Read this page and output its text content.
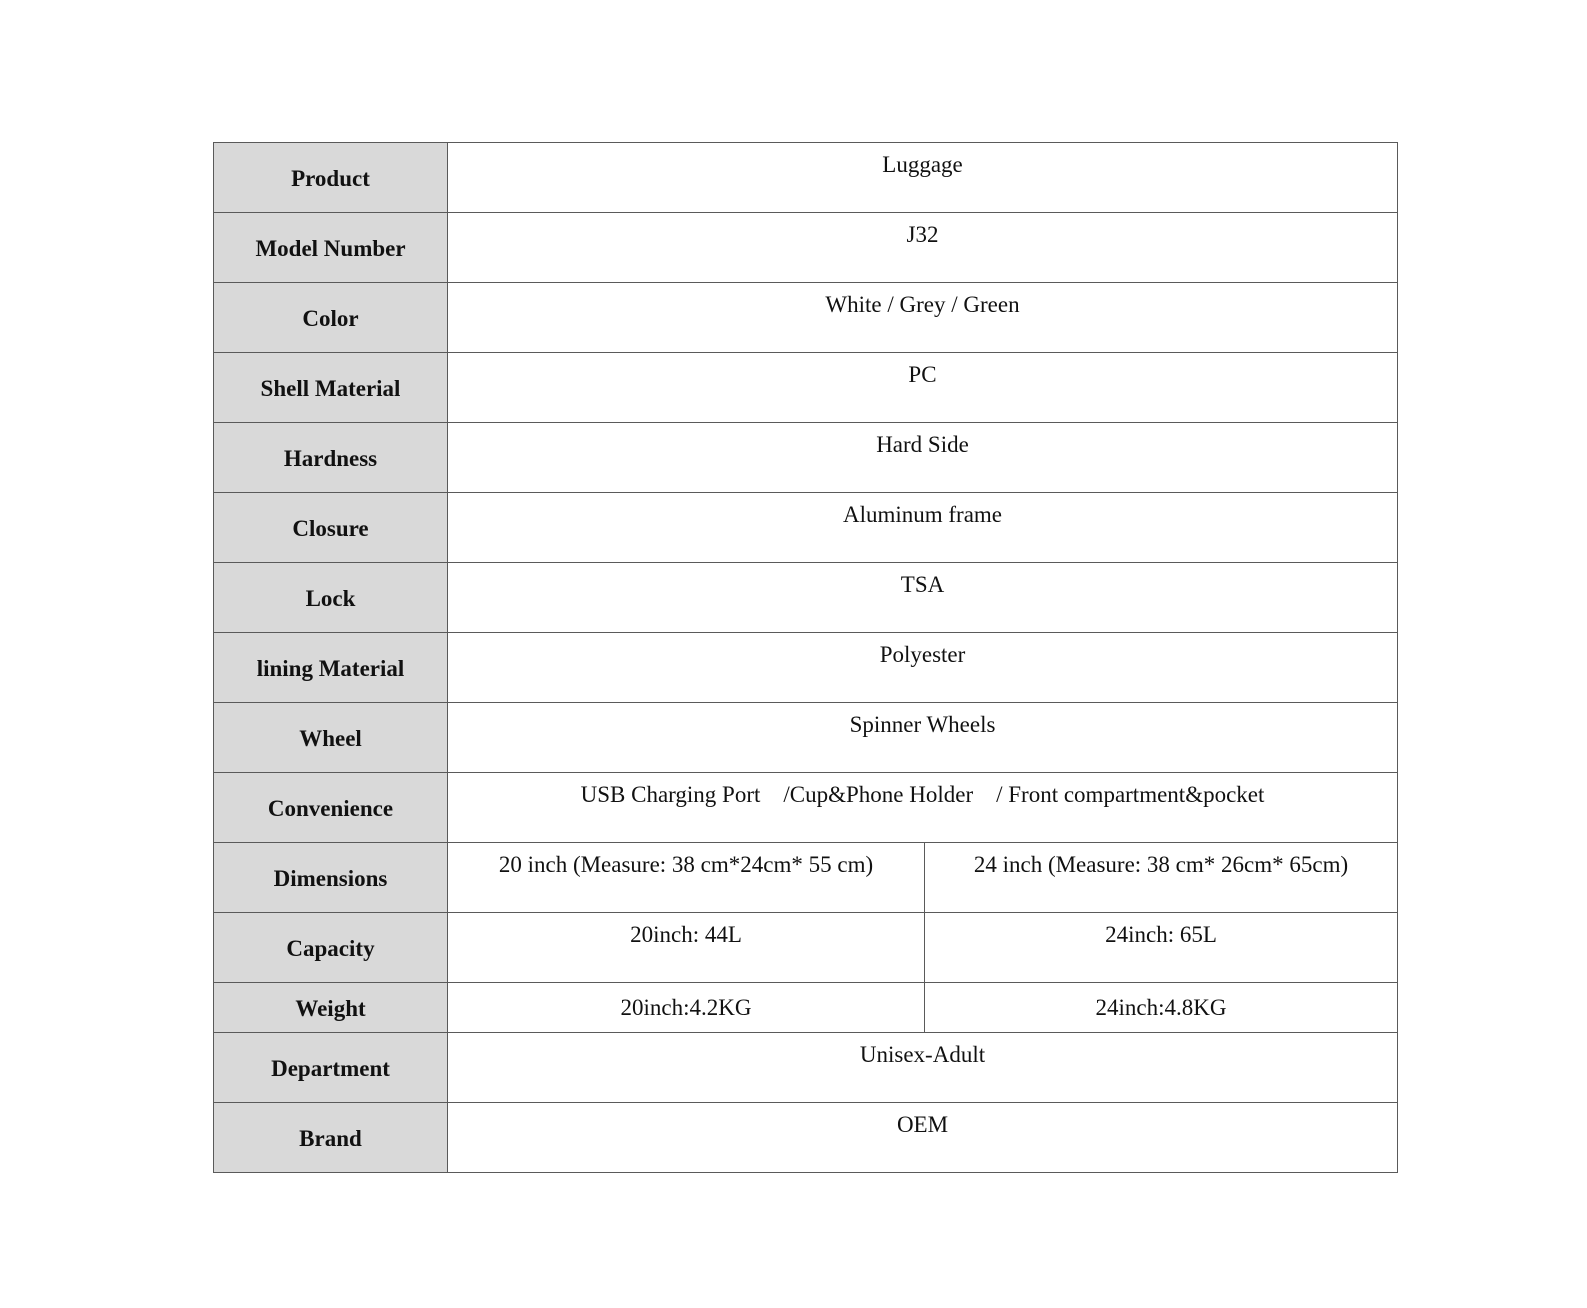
Product	Luggage	
Model Number	J32	
Color	White / Grey / Green	
Shell Material	PC	
Hardness	Hard Side	
Closure	Aluminum frame	
Lock	TSA	
lining Material	Polyester	
Wheel	Spinner Wheels	
Convenience	USB Charging Port    /Cup&Phone Holder    / Front compartment&pocket	
Dimensions	20 inch (Measure: 38 cm*24cm* 55 cm)	24 inch (Measure: 38 cm* 26cm* 65cm)
Capacity	20inch: 44L	24inch: 65L
Weight	20inch:4.2KG	24inch:4.8KG
Department	Unisex-Adult	
Brand	OEM	
